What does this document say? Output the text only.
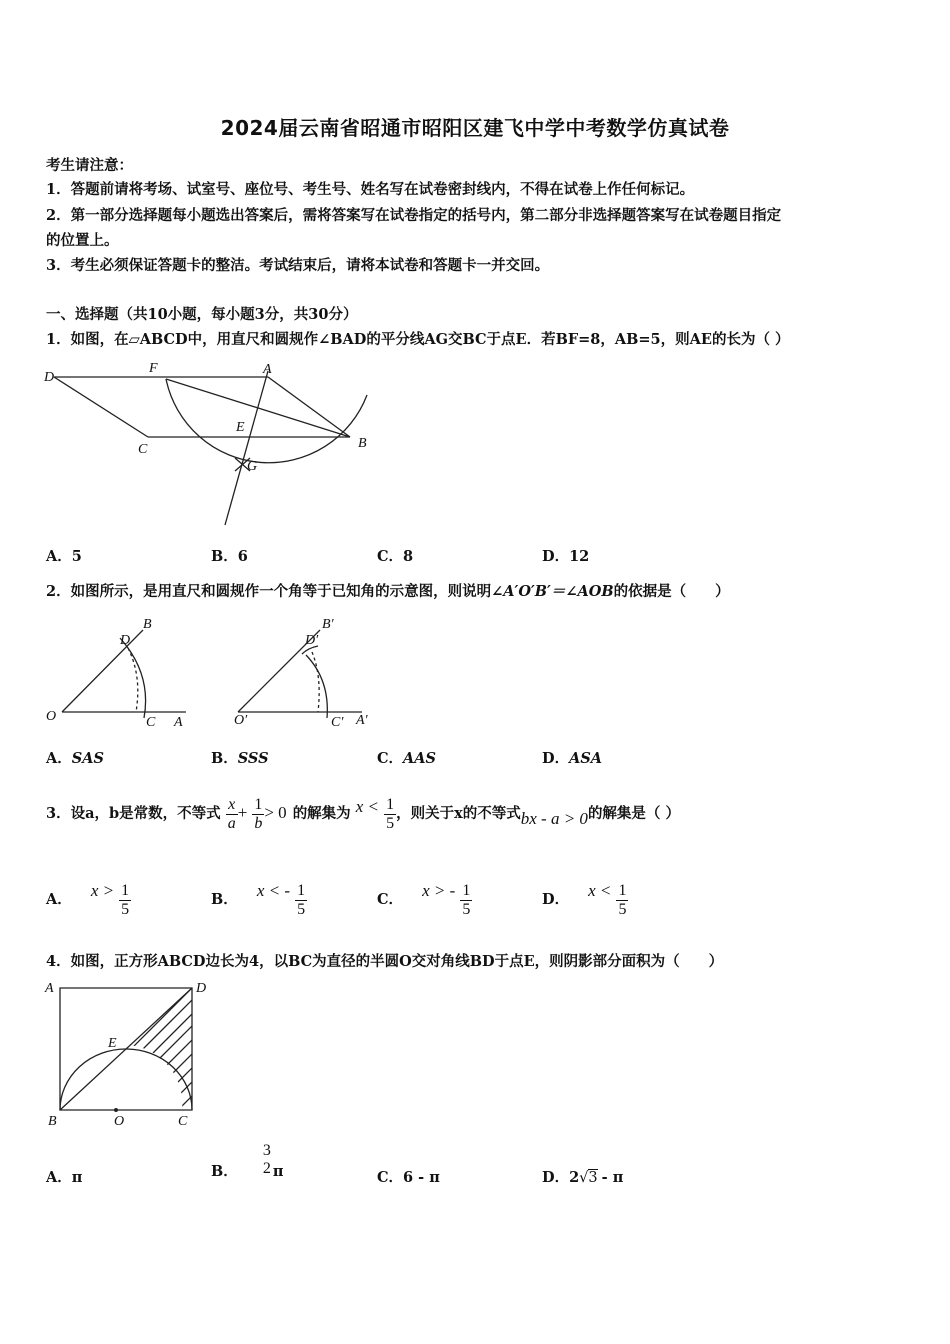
2024届云南省昭通市昭阳区建飞中学中考数学仿真试卷
考生请注意：
1．答题前请将考场、试室号、座位号、考生号、姓名写在试卷密封线内，不得在试卷上作任何标记。
2．第一部分选择题每小题选出答案后，需将答案写在试卷指定的括号内，第二部分非选择题答案写在试卷题目指定
的位置上。
3．考生必须保证答题卡的整洁。考试结束后，请将本试卷和答题卡一并交回。
一、选择题（共10小题，每小题3分，共30分）
1．如图，在▱ABCD中，用直尺和圆规作∠BAD的平分线AG交BC于点E．若BF=8，AB=5，则AE的长为（ ）
D
F	A
C
E
B
G
A．5	B．6	C．8	D．12
2．如图所示，是用直尺和圆规作一个角等于已知角的示意图，则说明∠A′O′B′＝∠AOB的依据是（　　）
B
D
O	C A
B′
D′
O′	C′ A′
A．SAS	B．SSS	C．AAS	D．ASA
3．设a，b是常数，不等式 $\frac{x}{a} + \frac{1}{b} > 0$ 的解集为 $x < \frac{1}{5}$ ，则关于x的不等式bx - a > 0的解集是（ ）
A． $x > \frac{1}{5}$	B． x < - $\frac{1}{5}$	C． x > - $\frac{1}{5}$	D． $x < \frac{1}{5}$
4．如图，正方形ABCD边长为4，以BC为直径的半圆O交对角线BD于点E，则阴影部分面积为（　　）
A	D
E
B	O	C
A．π	B．
3
2 π	C．6 - π	D．2√3 - π
